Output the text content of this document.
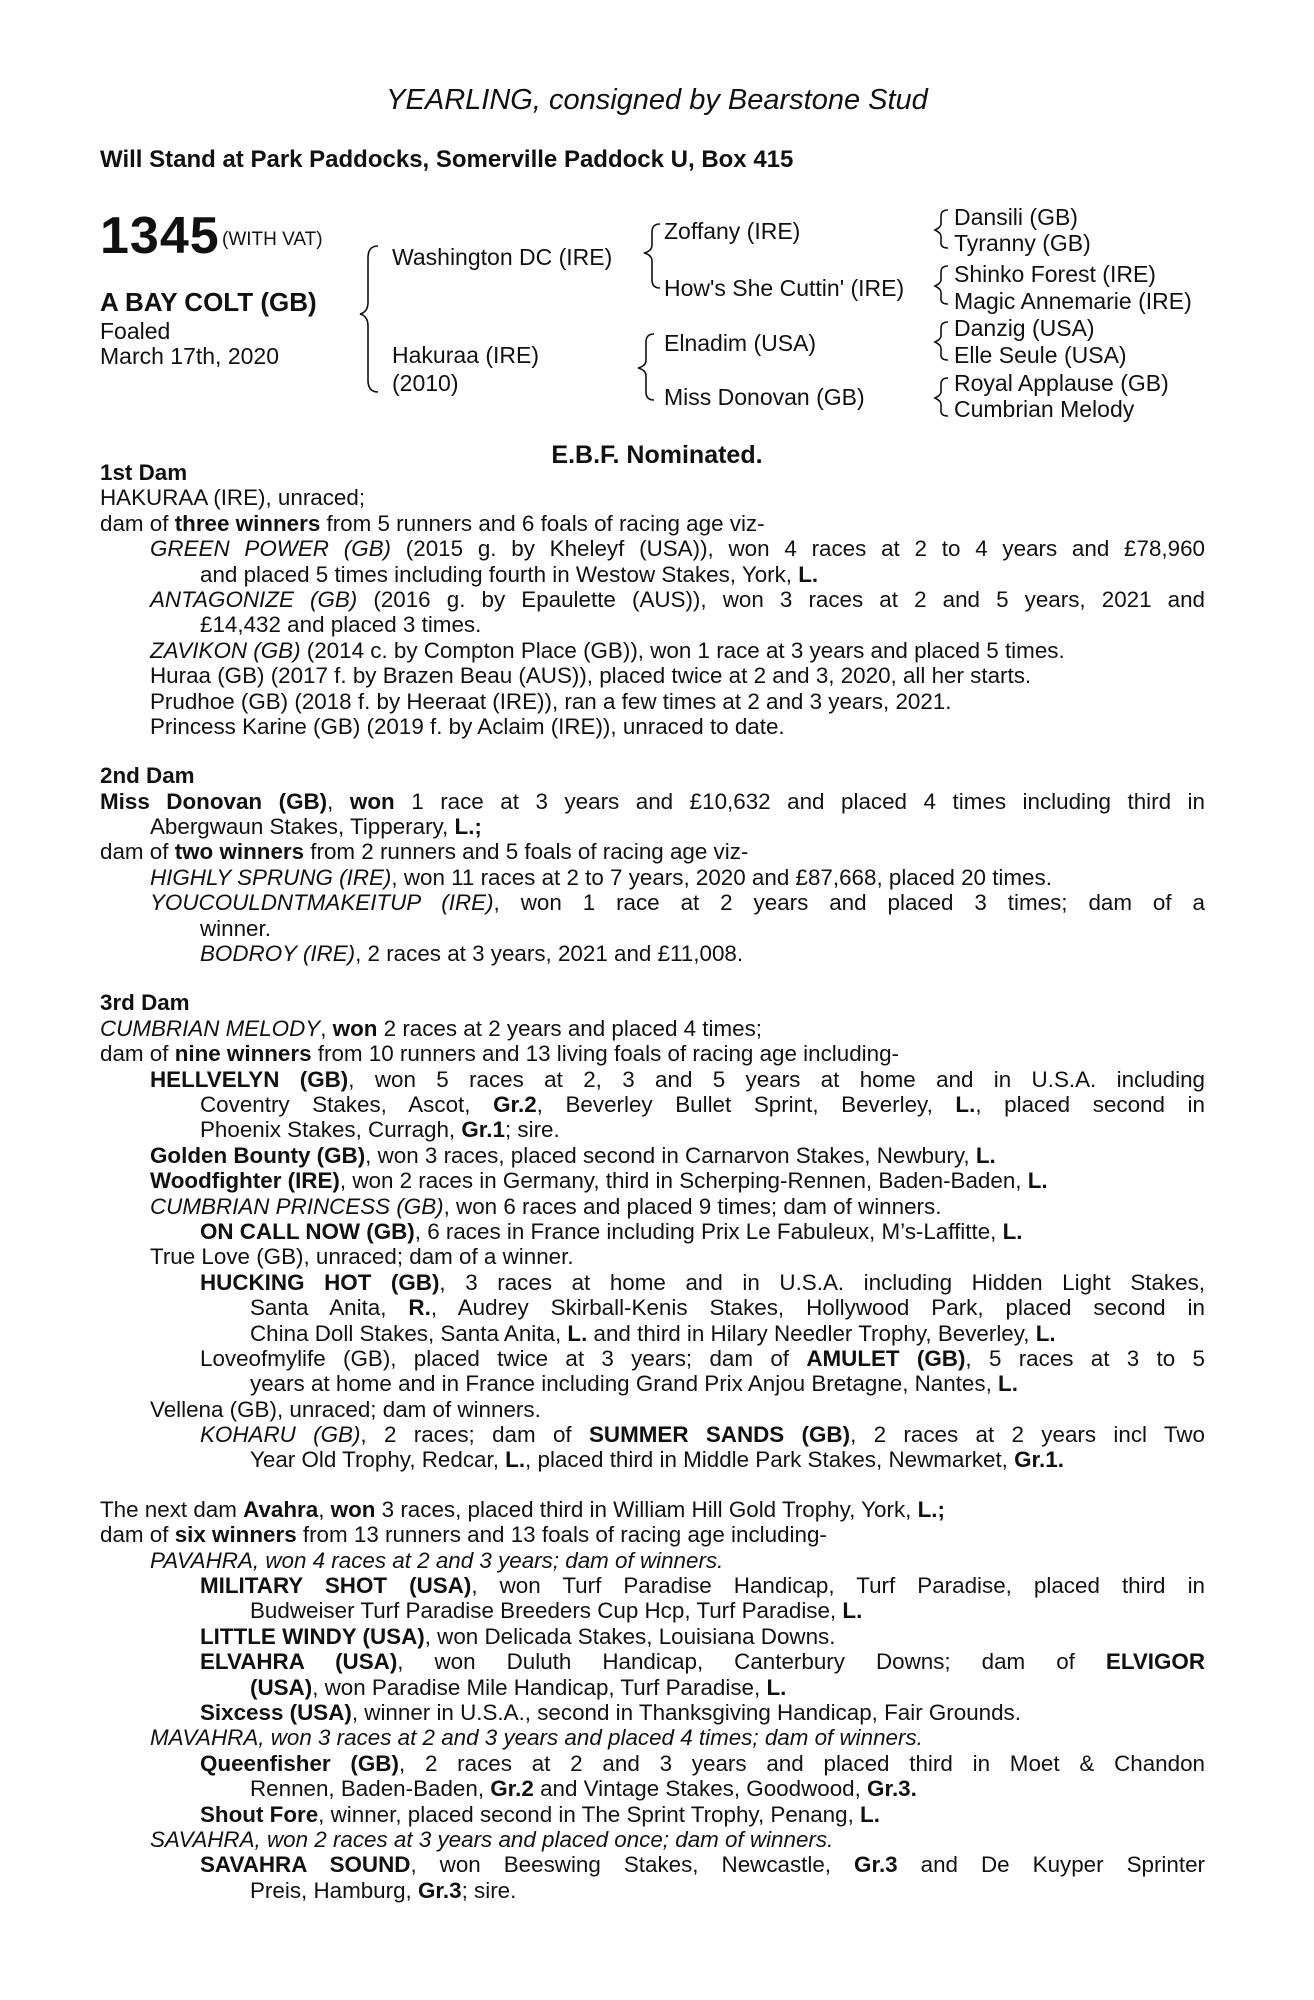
YEARLING, consigned by Bearstone Stud
Will Stand at Park Paddocks, Somerville Paddock U, Box 415
1345 (WITH VAT)
A BAY COLT (GB)
Foaled
March 17th, 2020
Washington DC (IRE)
Hakuraa (IRE)
(2010)
Zoffany (IRE)
How's She Cuttin' (IRE)
Elnadim (USA)
Miss Donovan (GB)
Dansili (GB)
Tyranny (GB)
Shinko Forest (IRE)
Magic Annemarie (IRE)
Danzig (USA)
Elle Seule (USA)
Royal Applause (GB)
Cumbrian Melody
E.B.F. Nominated.
1st Dam
HAKURAA (IRE), unraced;
dam of three winners from 5 runners and 6 foals of racing age viz-
GREEN POWER (GB) (2015 g. by Kheleyf (USA)), won 4 races at 2 to 4 years and £78,960
and placed 5 times including fourth in Westow Stakes, York, L.
ANTAGONIZE (GB) (2016 g. by Epaulette (AUS)), won 3 races at 2 and 5 years, 2021 and
£14,432 and placed 3 times.
ZAVIKON (GB) (2014 c. by Compton Place (GB)), won 1 race at 3 years and placed 5 times.
Huraa (GB) (2017 f. by Brazen Beau (AUS)), placed twice at 2 and 3, 2020, all her starts.
Prudhoe (GB) (2018 f. by Heeraat (IRE)), ran a few times at 2 and 3 years, 2021.
Princess Karine (GB) (2019 f. by Aclaim (IRE)), unraced to date.
2nd Dam
Miss Donovan (GB), won 1 race at 3 years and £10,632 and placed 4 times including third in
Abergwaun Stakes, Tipperary, L.;
dam of two winners from 2 runners and 5 foals of racing age viz-
HIGHLY SPRUNG (IRE), won 11 races at 2 to 7 years, 2020 and £87,668, placed 20 times.
YOUCOULDNTMAKEITUP (IRE), won 1 race at 2 years and placed 3 times; dam of a
winner.
BODROY (IRE), 2 races at 3 years, 2021 and £11,008.
3rd Dam
CUMBRIAN MELODY, won 2 races at 2 years and placed 4 times;
dam of nine winners from 10 runners and 13 living foals of racing age including-
HELLVELYN (GB), won 5 races at 2, 3 and 5 years at home and in U.S.A. including
Coventry Stakes, Ascot, Gr.2, Beverley Bullet Sprint, Beverley, L., placed second in
Phoenix Stakes, Curragh, Gr.1; sire.
Golden Bounty (GB), won 3 races, placed second in Carnarvon Stakes, Newbury, L.
Woodfighter (IRE), won 2 races in Germany, third in Scherping-Rennen, Baden-Baden, L.
CUMBRIAN PRINCESS (GB), won 6 races and placed 9 times; dam of winners.
ON CALL NOW (GB), 6 races in France including Prix Le Fabuleux, M’s-Laffitte, L.
True Love (GB), unraced; dam of a winner.
HUCKING HOT (GB), 3 races at home and in U.S.A. including Hidden Light Stakes,
Santa Anita, R., Audrey Skirball-Kenis Stakes, Hollywood Park, placed second in
China Doll Stakes, Santa Anita, L. and third in Hilary Needler Trophy, Beverley, L.
Loveofmylife (GB), placed twice at 3 years; dam of AMULET (GB), 5 races at 3 to 5
years at home and in France including Grand Prix Anjou Bretagne, Nantes, L.
Vellena (GB), unraced; dam of winners.
KOHARU (GB), 2 races; dam of SUMMER SANDS (GB), 2 races at 2 years incl Two
Year Old Trophy, Redcar, L., placed third in Middle Park Stakes, Newmarket, Gr.1.
The next dam Avahra, won 3 races, placed third in William Hill Gold Trophy, York, L.;
dam of six winners from 13 runners and 13 foals of racing age including-
PAVAHRA, won 4 races at 2 and 3 years; dam of winners.
MILITARY SHOT (USA), won Turf Paradise Handicap, Turf Paradise, placed third in
Budweiser Turf Paradise Breeders Cup Hcp, Turf Paradise, L.
LITTLE WINDY (USA), won Delicada Stakes, Louisiana Downs.
ELVAHRA (USA), won Duluth Handicap, Canterbury Downs; dam of ELVIGOR
(USA), won Paradise Mile Handicap, Turf Paradise, L.
Sixcess (USA), winner in U.S.A., second in Thanksgiving Handicap, Fair Grounds.
MAVAHRA, won 3 races at 2 and 3 years and placed 4 times; dam of winners.
Queenfisher (GB), 2 races at 2 and 3 years and placed third in Moet & Chandon
Rennen, Baden-Baden, Gr.2 and Vintage Stakes, Goodwood, Gr.3.
Shout Fore, winner, placed second in The Sprint Trophy, Penang, L.
SAVAHRA, won 2 races at 3 years and placed once; dam of winners.
SAVAHRA SOUND, won Beeswing Stakes, Newcastle, Gr.3 and De Kuyper Sprinter
Preis, Hamburg, Gr.3; sire.
